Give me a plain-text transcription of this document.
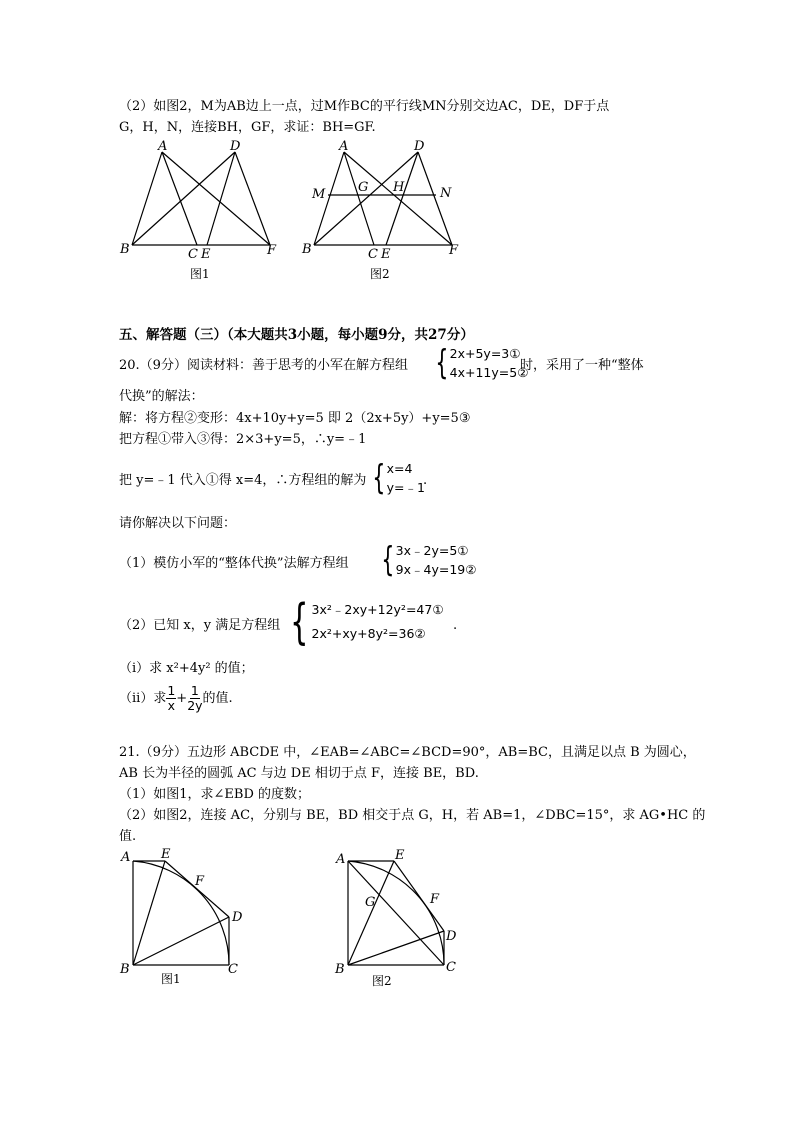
（2）如图2，M为AB边上一点，过M作BC的平行线MN分别交边AC，DE，DF于点
G，H，N，连接BH，GF，求证：BH=GF.
A	D
B	C E	F
图1
A	D
M	G H	N
B	C E	F
图2
五、解答题（三）（本大题共3小题，每小题9分，共27分）
20.（9分）阅读材料：善于思考的小军在解方程组 { 2x+5y=3①
4x+11y=5②
时，采用了一种“整体
代换”的解法：
解：将方程②变形：4x+10y+y=5 即 2（2x+5y）+y=5③
把方程①带入③得：2×3+y=5，∴y=﹣1
把 y=﹣1 代入①得 x=4，∴方程组的解为 { x=4
y=﹣1
.
请你解决以下问题：
（1）模仿小军的“整体代换”法解方程组 { 3x﹣2y=5①
9x﹣4y=19②
（2）已知 x，y 满足方程组 { 3x²﹣2xy+12y²=47①
2x²+xy+8y²=36②
.
（i）求 x²+4y² 的值；
（ii）求 $\frac{1}{x} + \frac{1}{2y}$ 的值.
21.（9分）五边形 ABCDE 中，∠EAB=∠ABC=∠BCD=90°，AB=BC，且满足以点 B 为圆心，
AB 长为半径的圆弧 AC 与边 DE 相切于点 F，连接 BE，BD.
（1）如图1，求∠EBD 的度数；
（2）如图2，连接 AC，分别与 BE，BD 相交于点 G，H，若 AB=1，∠DBC=15°，求 AG•HC 的
值.
A E
F
D
B	C
图1
A	E
G	F
D
B	C
图2
